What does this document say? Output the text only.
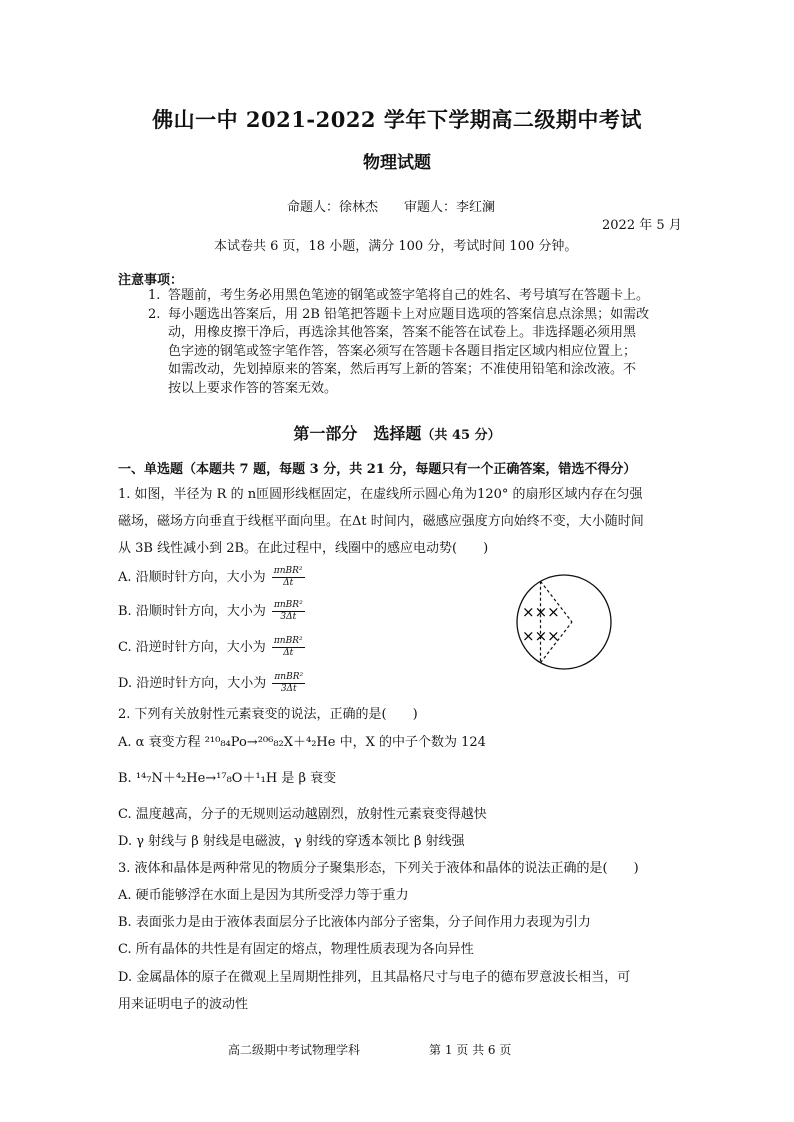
佛山一中 2021-2022 学年下学期高二级期中考试
物理试题
命题人：徐林杰　　审题人：李红澜
2022 年 5 月
本试卷共 6 页，18 小题，满分 100 分，考试时间 100 分钟。
注意事项：
1. 答题前，考生务必用黑色笔迹的钢笔或签字笔将自己的姓名、考号填写在答题卡上。
2. 每小题选出答案后，用 2B 铅笔把答题卡上对应题目选项的答案信息点涂黑；如需改
动，用橡皮擦干净后，再选涂其他答案，答案不能答在试卷上。非选择题必须用黑
色字迹的钢笔或签字笔作答，答案必须写在答题卡各题目指定区域内相应位置上；
如需改动，先划掉原来的答案，然后再写上新的答案；不准使用铅笔和涂改液。不
按以上要求作答的答案无效。
第一部分　选择题（共 45 分）
一、单选题（本题共 7 题，每题 3 分，共 21 分，每题只有一个正确答案，错选不得分）
1. 如图，半径为 R 的 n匝圆形线框固定，在虚线所示圆心角为120° 的扇形区域内存在匀强
磁场，磁场方向垂直于线框平面向里。在Δt 时间内，磁感应强度方向始终不变，大小随时间
从 3B 线性减小到 2B。在此过程中，线圈中的感应电动势(　　)
A. 沿顺时针方向，大小为 $\frac{\text{πnBR²}}{\Delta t}$
B. 沿顺时针方向，大小为 $\frac{\text{πnBR²}}{3\Delta t}$
C. 沿逆时针方向，大小为 $\frac{\text{πnBR²}}{\Delta t}$
D. 沿逆时针方向，大小为 $\frac{\text{πnBR²}}{3\Delta t}$
×××
×××
2. 下列有关放射性元素衰变的说法，正确的是(　　)
A. α 衰变方程 ²¹⁰₈₄Po→²⁰⁶₈₂X＋⁴₂He 中，X 的中子个数为 124
B. ¹⁴₇N＋⁴₂He→¹⁷₈O＋¹₁H 是 β 衰变
C. 温度越高，分子的无规则运动越剧烈，放射性元素衰变得越快
D. γ 射线与 β 射线是电磁波，γ 射线的穿透本领比 β 射线强
3. 液体和晶体是两种常见的物质分子聚集形态，下列关于液体和晶体的说法正确的是(　　)
A. 硬币能够浮在水面上是因为其所受浮力等于重力
B. 表面张力是由于液体表面层分子比液体内部分子密集，分子间作用力表现为引力
C. 所有晶体的共性是有固定的熔点，物理性质表现为各向异性
D. 金属晶体的原子在微观上呈周期性排列，且其晶格尺寸与电子的德布罗意波长相当，可
用来证明电子的波动性
高二级期中考试物理学科	第 1 页 共 6 页
